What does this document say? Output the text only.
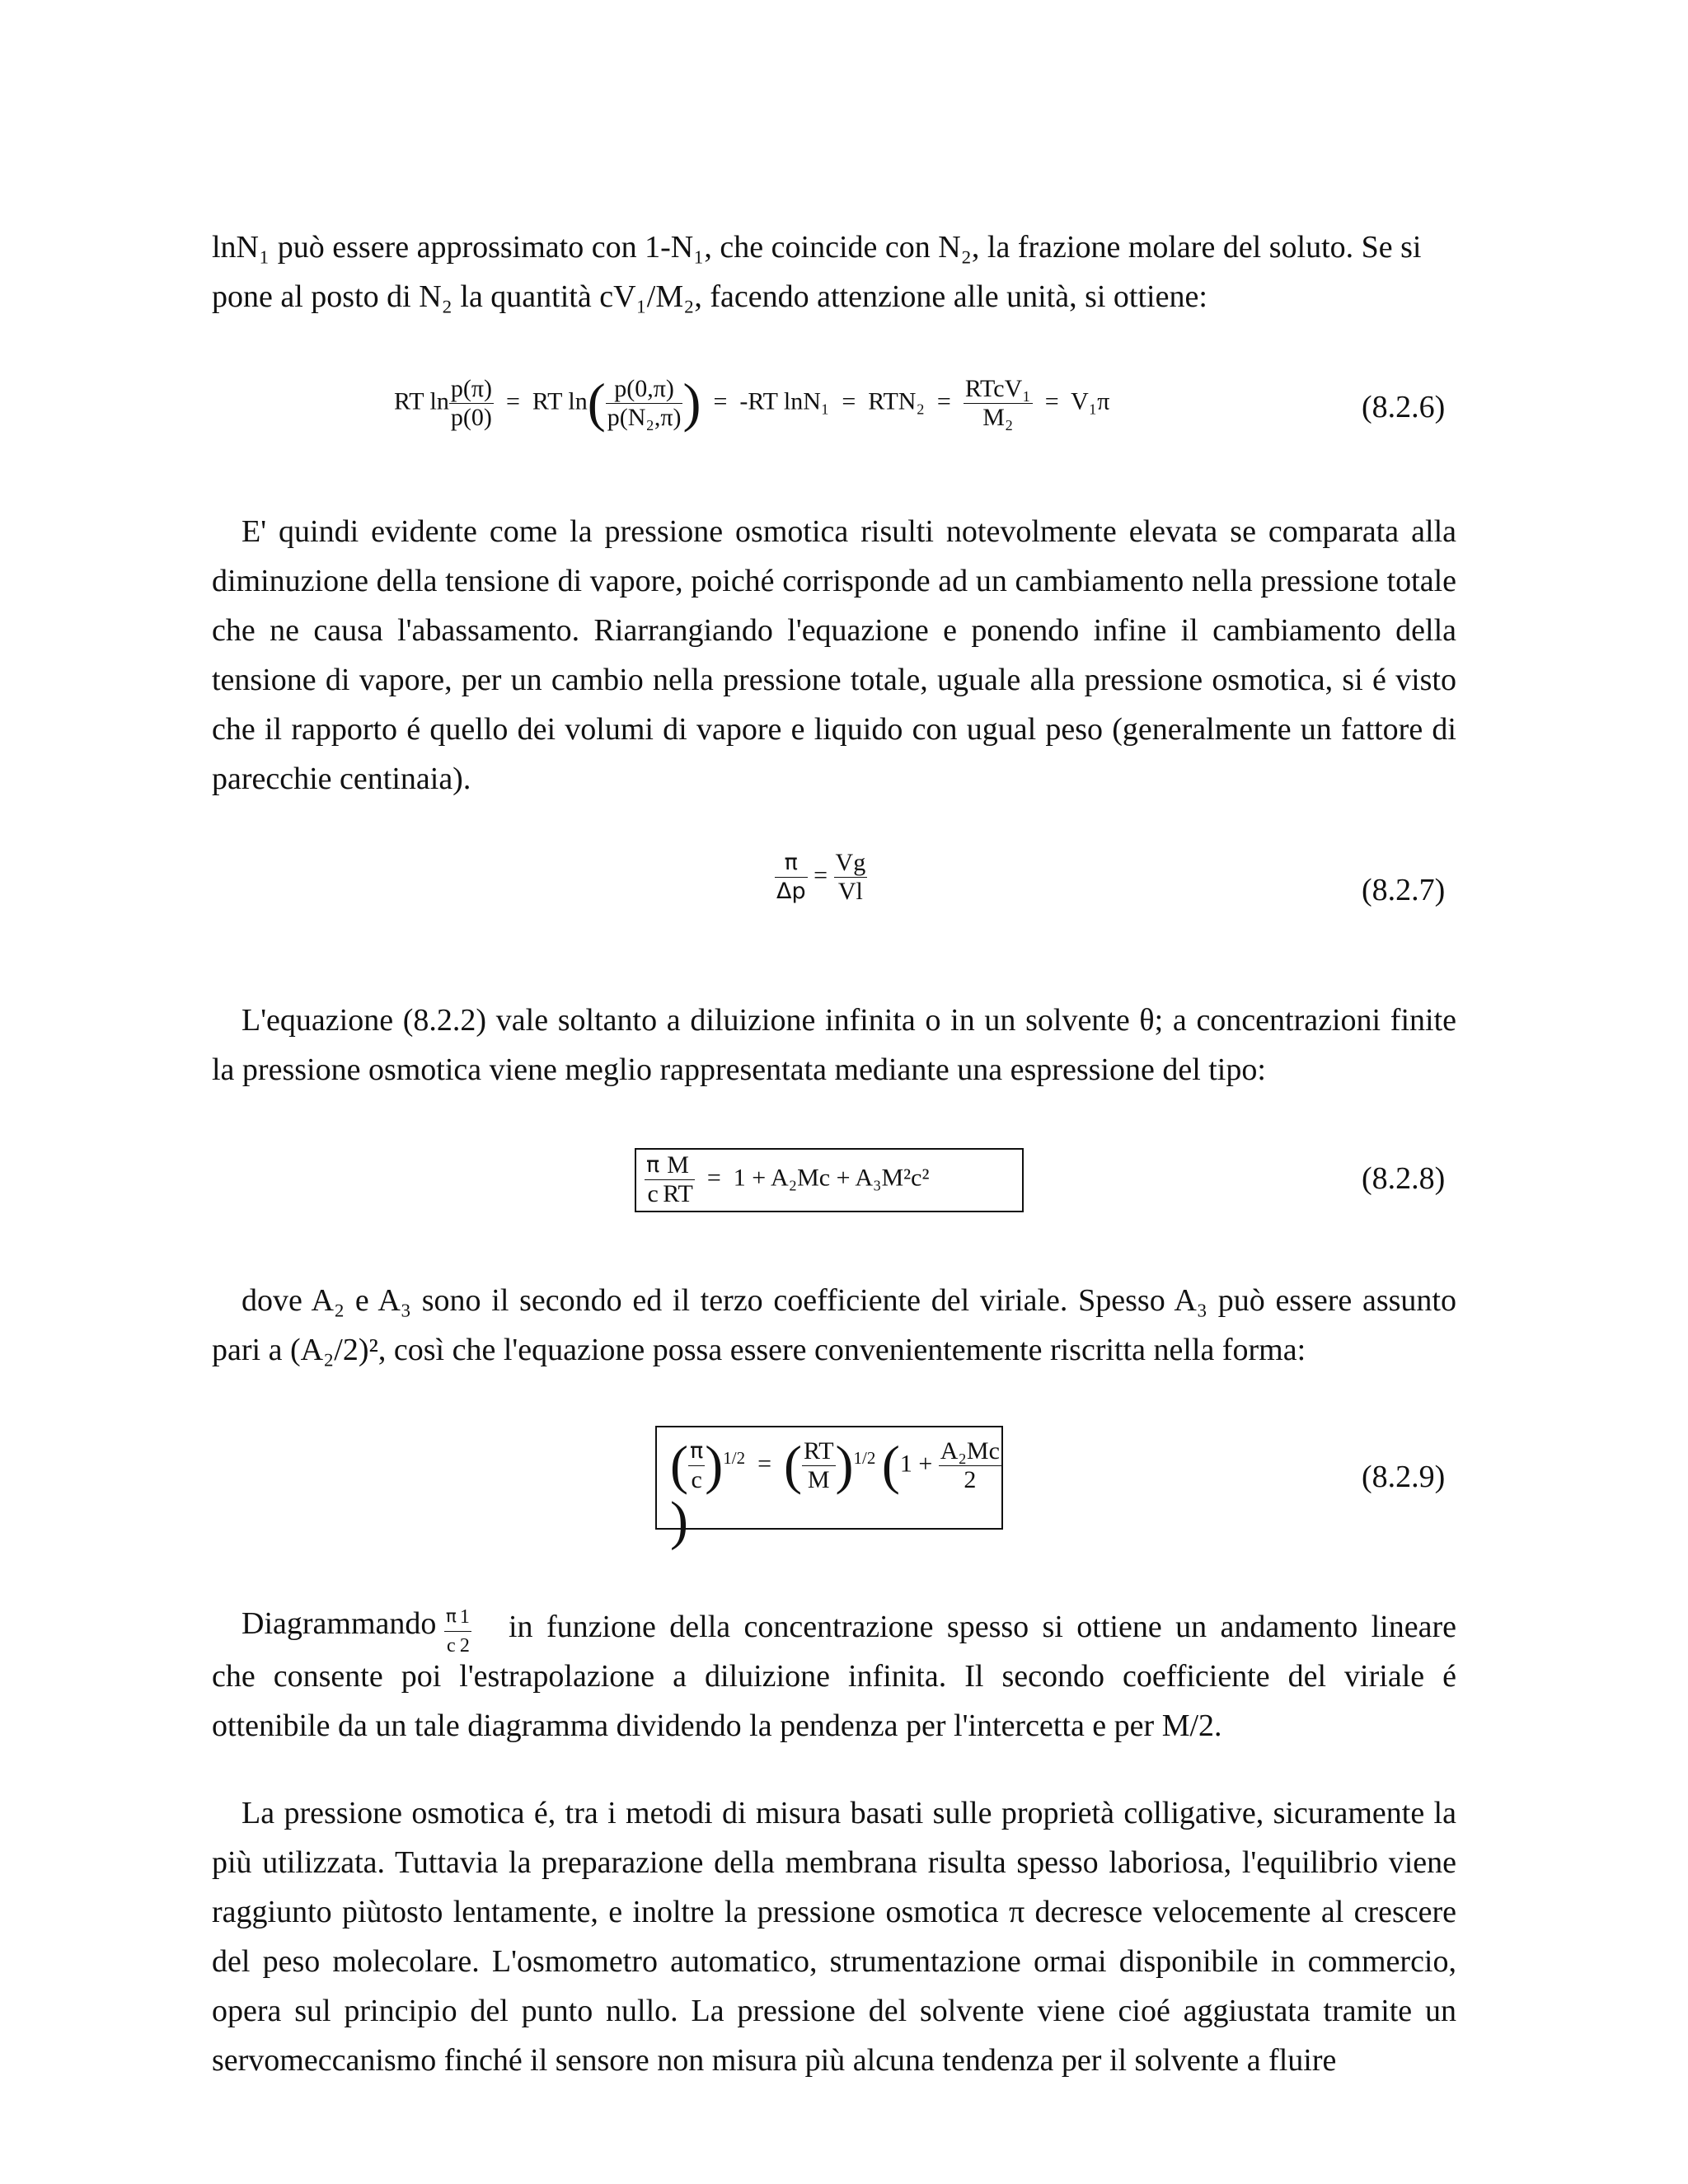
lnN₁ può essere approssimato con 1-N₁, che coincide con N₂, la frazione molare del soluto. Se si
pone al posto di N₂ la quantità cV₁/M₂, facendo attenzione alle unità, si ottiene:
RT $\ln \frac{p(\pi)}{p(0)}$ = RT $\ln( \frac{p(0,\pi)}{\text{p(N₂,π)}}$ ) = -RT $\ln N_1 = RTN_2 = \frac{\text{RTcV₁}}{\text{M₂}} = V_1\pi$	(8.2.6)
E' quindi evidente come la pressione osmotica risulti notevolmente elevata se comparata alla diminuzione della tensione di vapore, poiché corrisponde ad un cambiamento nella pressione totale che ne causa l'abassamento. Riarrangiando l'equazione e ponendo infine il cambiamento della tensione di vapore, per un cambio nella pressione totale, uguale alla pressione osmotica, si é visto che il rapporto é quello dei volumi di vapore e liquido con ugual peso (generalmente un fattore di parecchie centinaia).
$\frac{\pi}{\Delta p} = \frac{Vg}{Vl}$	(8.2.7)
L'equazione (8.2.2) vale soltanto a diluizione infinita o in un solvente θ; a concentrazioni finite la pressione osmotica viene meglio rappresentata mediante una espressione del tipo:
$\frac{\pi}{c} \frac{M}{RT} = 1 + A_2Mc + A_3M^2c^2$	(8.2.8)
dove A₂ e A₃ sono il secondo ed il terzo coefficiente del viriale. Spesso A₃ può essere assunto pari a (A₂/2)², così che l'equazione possa essere convenientemente riscritta nella forma:
( $\frac{\pi}{c} )^{1/2}$ = ( $\frac{RT}{M} )^{1/2}$ ($1 + \frac{\text{A₂Mc}}{2}$
)
(8.2.9)
Diagrammando $\frac{\pi}{c} \frac{1}{2}$	in funzione della concentrazione spesso si ottiene un andamento lineare che consente poi l'estrapolazione a diluizione infinita. Il secondo coefficiente del viriale é ottenibile da un tale diagramma dividendo la pendenza per l'intercetta e per M/2.
La pressione osmotica é, tra i metodi di misura basati sulle proprietà colligative, sicuramente la più utilizzata. Tuttavia la preparazione della membrana risulta spesso laboriosa, l'equilibrio viene raggiunto piùtosto lentamente, e inoltre la pressione osmotica π decresce velocemente al crescere del peso molecolare. L'osmometro automatico, strumentazione ormai disponibile in commercio, opera sul principio del punto nullo. La pressione del solvente viene cioé aggiustata tramite un servomeccanismo finché il sensore non misura più alcuna tendenza per il solvente a fluire
